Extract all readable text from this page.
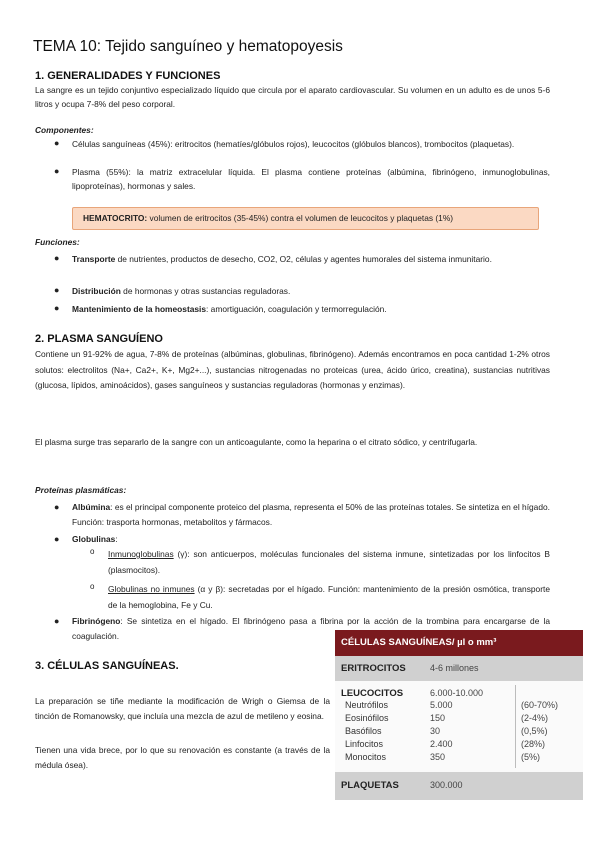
TEMA 10: Tejido sanguíneo y hematopoyesis
1. GENERALIDADES Y FUNCIONES
La sangre es un tejido conjuntivo especializado líquido que circula por el aparato cardiovascular. Su volumen en un adulto es de unos 5-6 litros y ocupa 7-8% del peso corporal.
Componentes:
● Células sanguíneas (45%): eritrocitos (hematíes/glóbulos rojos), leucocitos (glóbulos blancos), trombocitos (plaquetas).
● Plasma (55%): la matriz extracelular líquida. El plasma contiene proteínas (albúmina, fibrinógeno, inmunoglobulinas, lipoproteínas), hormonas y sales.
HEMATOCRITO: volumen de eritrocitos (35-45%) contra el volumen de leucocitos y plaquetas (1%)
Funciones:
● Transporte de nutrientes, productos de desecho, CO2, O2, células y agentes humorales del sistema inmunitario.
● Distribución de hormonas y otras sustancias reguladoras.
● Mantenimiento de la homeostasis: amortiguación, coagulación y termorregulación.
2. PLASMA SANGUÍENO
Contiene un 91-92% de agua, 7-8% de proteínas (albúminas, globulinas, fibrinógeno). Además encontramos en poca cantidad 1-2% otros solutos: electrolitos (Na+, Ca2+, K+, Mg2+...), sustancias nitrogenadas no proteicas (urea, ácido úrico, creatina), sustancias nutritivas (glucosa, lípidos, aminoácidos), gases sanguíneos y sustancias reguladoras (hormonas y enzimas).
El plasma surge tras separarlo de la sangre con un anticoagulante, como la heparina o el citrato sódico, y centrifugarla.
Proteínas plasmáticas:
● Albúmina: es el principal componente proteico del plasma, representa el 50% de las proteínas totales. Se sintetiza en el hígado. Función: trasporta hormonas, metabolitos y fármacos.
● Globulinas:
o Inmunoglobulinas (γ): son anticuerpos, moléculas funcionales del sistema inmune, sintetizadas por los linfocitos B (plasmocitos).
o Globulinas no inmunes (α y β): secretadas por el hígado. Función: mantenimiento de la presión osmótica, transporte de la hemoglobina, Fe y Cu.
● Fibrinógeno: Se sintetiza en el hígado. El fibrinógeno pasa a fibrina por la acción de la trombina para encargarse de la coagulación.
3. CÉLULAS SANGUÍNEAS.
La preparación se tiñe mediante la modificación de Wrigh o Giemsa de la tinción de Romanowsky, que incluía una mezcla de azul de metileno y eosina.
Tienen una vida brece, por lo que su renovación es constante (a través de la médula ósea).
CÉLULAS SANGUÍNEAS/ µl o mm³
ERITROCITOS	4-6 millones
LEUCOCITOS	6.000-10.000
Neutrófilos	5.000	(60-70%)
Eosinófilos	150	(2-4%)
Basófilos	30	(0,5%)
Linfocitos	2.400	(28%)
Monocitos	350	(5%)
PLAQUETAS	300.000
